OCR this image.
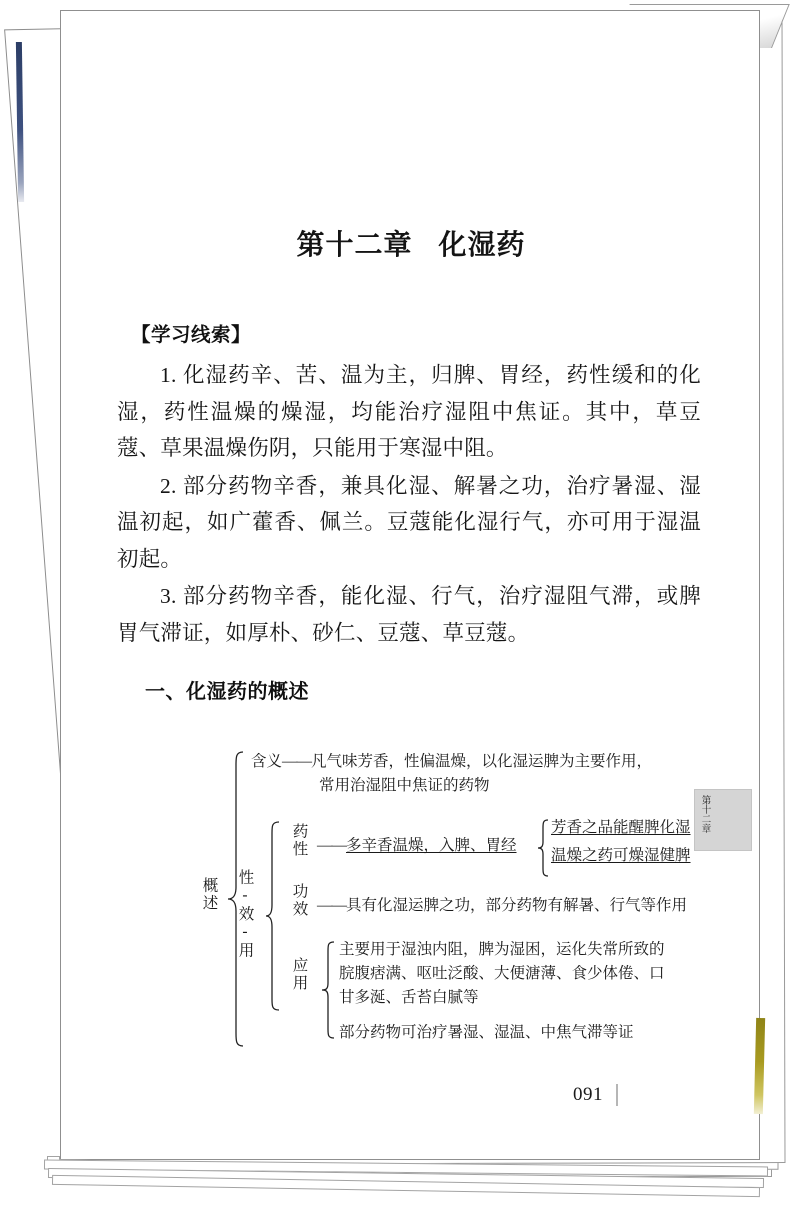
第十二章 化湿药
【学习线索】

1. 化湿药辛、苦、温为主，归脾、胃经，药性缓和的化湿，药性温燥的燥湿，均能治疗湿阻中焦证。其中，草豆蔻、草果温燥伤阴，只能用于寒湿中阻。

2. 部分药物辛香，兼具化湿、解暑之功，治疗暑湿、湿温初起，如广藿香、佩兰。豆蔻能化湿行气，亦可用于湿温初起。

3. 部分药物辛香，能化湿、行气，治疗湿阻气滞，或脾胃气滞证，如厚朴、砂仁、豆蔻、草豆蔻。

一、化湿药的概述
概述
含义——凡气味芳香，性偏温燥，以化湿运脾为主要作用，
常用治湿阻中焦证的药物
性-效-用
药性 ——多辛香温燥，入脾、胃经
芳香之品能醒脾化湿
温燥之药可燥湿健脾
功效 ——具有化湿运脾之功，部分药物有解暑、行气等作用
应用
主要用于湿浊内阻，脾为湿困，运化失常所致的
脘腹痞满、呕吐泛酸、大便溏薄、食少体倦、口
甘多涎、舌苔白腻等
部分药物可治疗暑湿、湿温、中焦气滞等证
091
第十二章
